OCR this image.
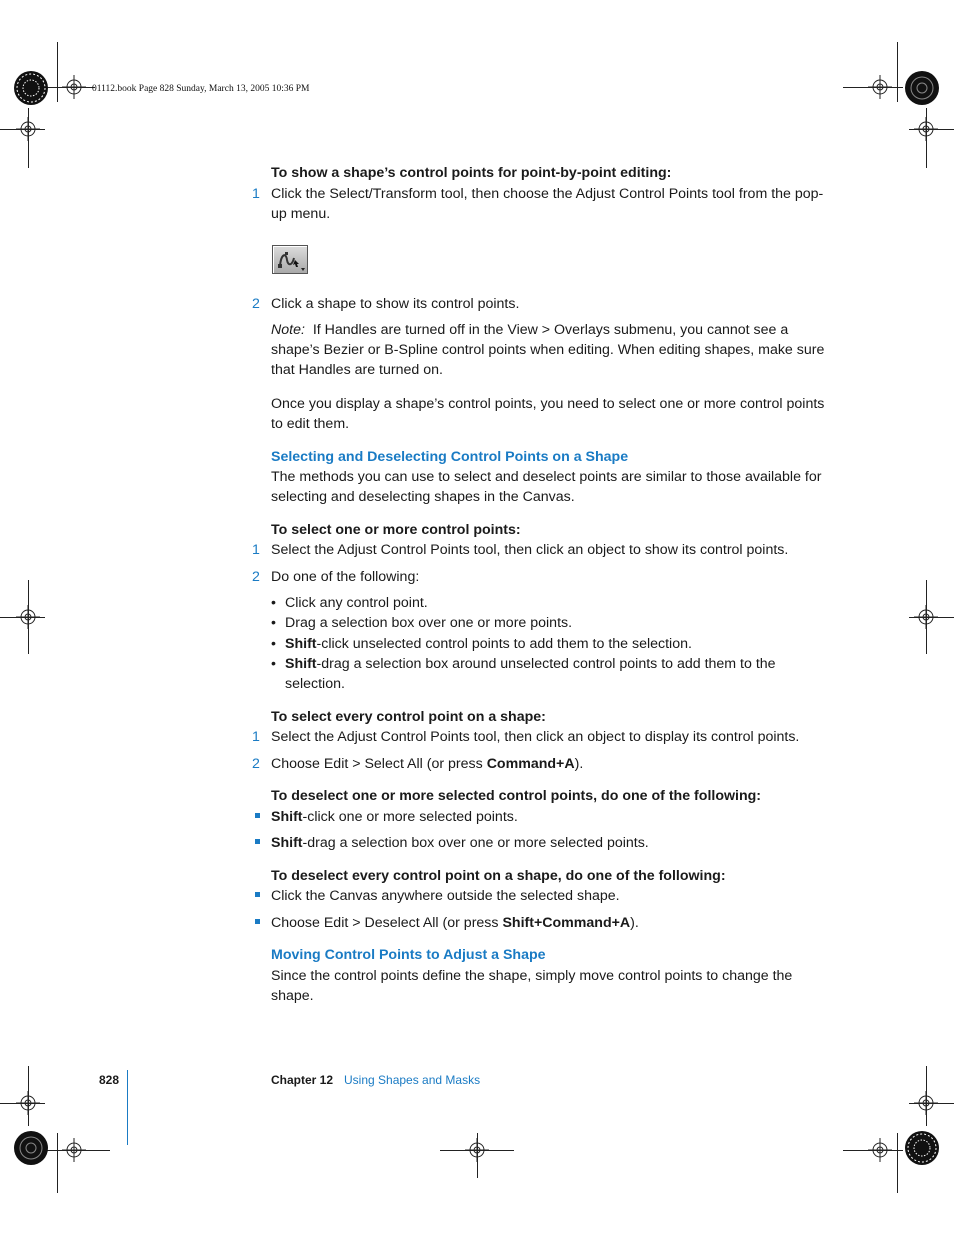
01112.book Page 828 Sunday, March 13, 2005 10:36 PM
To show a shape’s control points for point-by-point editing:
1 Click the Select/Transform tool, then choose the Adjust Control Points tool from the pop-up menu.
2 Click a shape to show its control points.

Note: If Handles are turned off in the View > Overlays submenu, you cannot see a shape’s Bezier or B-Spline control points when editing. When editing shapes, make sure that Handles are turned on.

Once you display a shape’s control points, you need to select one or more control points to edit them.
Selecting and Deselecting Control Points on a Shape
The methods you can use to select and deselect points are similar to those available for selecting and deselecting shapes in the Canvas.
To select one or more control points:
1 Select the Adjust Control Points tool, then click an object to show its control points.
2 Do one of the following:
• Click any control point.
• Drag a selection box over one or more points.
• Shift-click unselected control points to add them to the selection.

• Shift-drag a selection box around unselected control points to add them to the selection.

To select every control point on a shape:
1 Select the Adjust Control Points tool, then click an object to display its control points.
2 Choose Edit > Select All (or press Command+A).

To deselect one or more selected control points, do one of the following:

Shift-click one or more selected points.

Shift-drag a selection box over one or more selected points.

To deselect every control point on a shape, do one of the following:
Click the Canvas anywhere outside the selected shape.

Choose Edit > Deselect All (or press Shift+Command+A).

Moving Control Points to Adjust a Shape
Since the control points define the shape, simply move control points to change the shape.
828	Chapter 12 Using Shapes and Masks
